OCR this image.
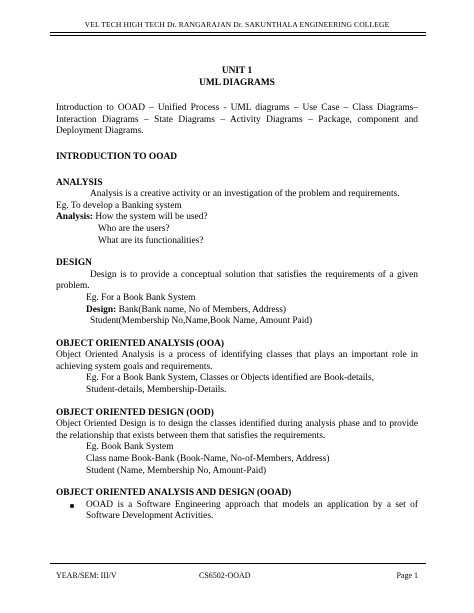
VEL TECH HIGH TECH Dr. RANGARAJAN Dr. SAKUNTHALA ENGINEERING COLLEGE
UNIT 1
UML DIAGRAMS

Introduction to OOAD – Unified Process - UML diagrams – Use Case – Class Diagrams– Interaction Diagrams – State Diagrams – Activity Diagrams – Package, component and Deployment Diagrams.

INTRODUCTION TO OOAD
ANALYSIS
Analysis is a creative activity or an investigation of the problem and requirements.
Eg. To develop a Banking system
Analysis: How the system will be used?
Who are the users?
What are its functionalities?
DESIGN

Design is to provide a conceptual solution that satisfies the requirements of a given problem.

Eg. For a Book Bank System
Design: Bank(Bank name, No of Members, Address)
Student(Membership No,Name,Book Name, Amount Paid)
OBJECT ORIENTED ANALYSIS (OOA)

Object Oriented Analysis is a process of identifying classes that plays an important role in achieving system goals and requirements.

Eg. For a Book Bank System, Classes or Objects identified are Book-details,
Student-details, Membership-Details.
OBJECT ORIENTED DESIGN (OOD)

Object Oriented Design is to design the classes identified during analysis phase and to provide the relationship that exists between them that satisfies the requirements.

Eg. Book Bank System
Class name Book-Bank (Book-Name, No-of-Members, Address)
Student (Name, Membership No, Amount-Paid)
OBJECT ORIENTED ANALYSIS AND DESIGN (OOAD)
OOAD is a Software Engineering approach that models an application by a set of Software Development Activities.
YEAR/SEM: III/V	CS6502-OOAD	Page 1
